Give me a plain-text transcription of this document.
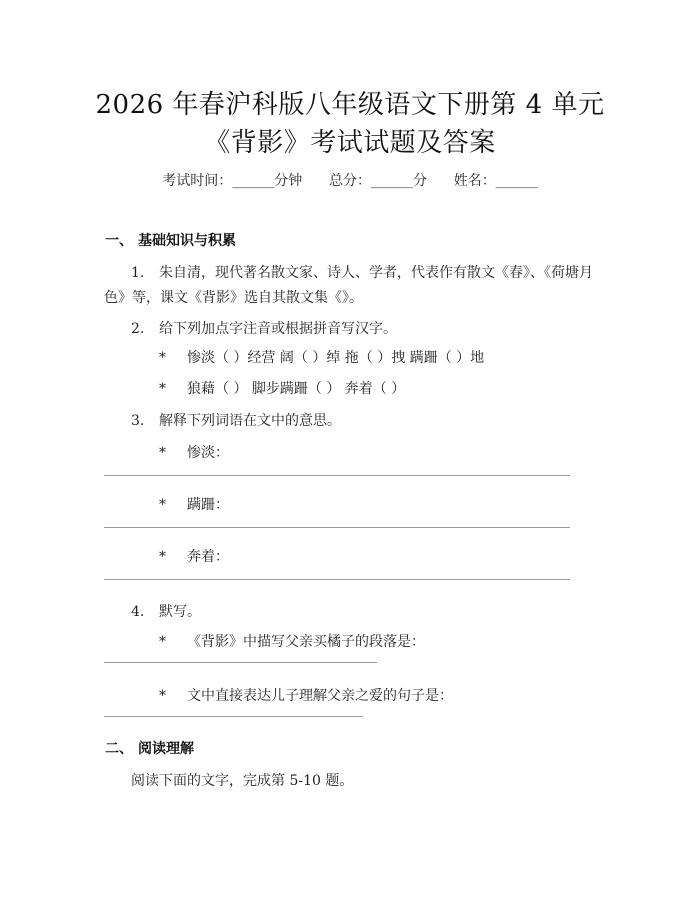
2026 年春沪科版八年级语文下册第 4 单元
《背影》考试试题及答案
考试时间：______分钟      总分：______分      姓名：______
一、 基础知识与积累
1. 朱自清，现代著名散文家、诗人、学者，代表作有散文《春》、《荷塘月
色》等，课文《背影》选自其散文集《》。
2. 给下列加点字注音或根据拼音写汉字。
* 惨淡（ ）经营 阔（ ）绰 拖（ ）拽 蹒跚（ ）地
* 狼藉（ ） 脚步蹒跚（ ） 奔着（ ）
3. 解释下列词语在文中的意思。
* 惨淡：
* 蹒跚：
* 奔着：
4. 默写。
* 《背影》中描写父亲买橘子的段落是：
* 文中直接表达儿子理解父亲之爱的句子是：
二、 阅读理解
阅读下面的文字，完成第 5-10 题。
